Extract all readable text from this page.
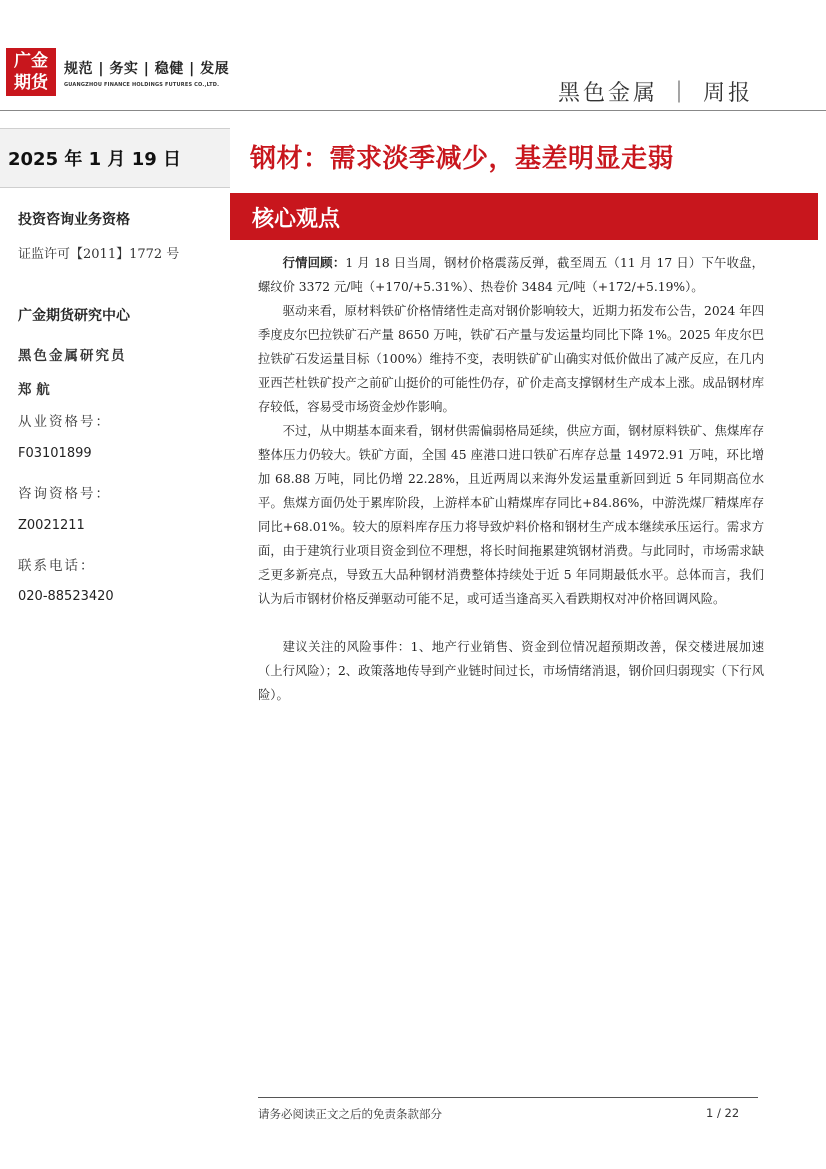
广金
期货
规范 | 务实 | 稳健 | 发展
GUANGZHOU FINANCE HOLDINGS FUTURES CO.,LTD.	黑色金属 ｜ 周报
2025 年 1 月 19 日	钢材：需求淡季减少，基差明显走弱
核心观点
投资咨询业务资格
证监许可【2011】1772 号
广金期货研究中心
黑色金属研究员
郑 航
从业资格号：
F03101899
咨询资格号：
Z0021211
联系电话：
020-88523420

行情回顾：1 月 18 日当周，钢材价格震荡反弹，截至周五（11 月 17 日）下午收盘，螺纹价 3372 元/吨（+170/+5.31%）、热卷价 3484 元/吨（+172/+5.19%）。

驱动来看，原材料铁矿价格情绪性走高对钢价影响较大，近期力拓发布公告，2024 年四季度皮尔巴拉铁矿石产量 8650 万吨，铁矿石产量与发运量均同比下降 1%。2025 年皮尔巴拉铁矿石发运量目标（100%）维持不变，表明铁矿矿山确实对低价做出了减产反应，在几内亚西芒杜铁矿投产之前矿山挺价的可能性仍存，矿价走高支撑钢材生产成本上涨。成品钢材库存较低，容易受市场资金炒作影响。

不过，从中期基本面来看，钢材供需偏弱格局延续，供应方面，钢材原料铁矿、焦煤库存整体压力仍较大。铁矿方面，全国 45 座港口进口铁矿石库存总量 14972.91 万吨，环比增加 68.88 万吨，同比仍增 22.28%，且近两周以来海外发运量重新回到近 5 年同期高位水平。焦煤方面仍处于累库阶段，上游样本矿山精煤库存同比+84.86%，中游洗煤厂精煤库存同比+68.01%。较大的原料库存压力将导致炉料价格和钢材生产成本继续承压运行。需求方面，由于建筑行业项目资金到位不理想，将长时间拖累建筑钢材消费。与此同时，市场需求缺乏更多新亮点，导致五大品种钢材消费整体持续处于近 5 年同期最低水平。总体而言，我们认为后市钢材价格反弹驱动可能不足，或可适当逢高买入看跌期权对冲价格回调风险。

建议关注的风险事件：1、地产行业销售、资金到位情况超预期改善，保交楼进展加速（上行风险）；2、政策落地传导到产业链时间过长，市场情绪消退，钢价回归弱现实（下行风险）。

请务必阅读正文之后的免责条款部分	1 / 22
